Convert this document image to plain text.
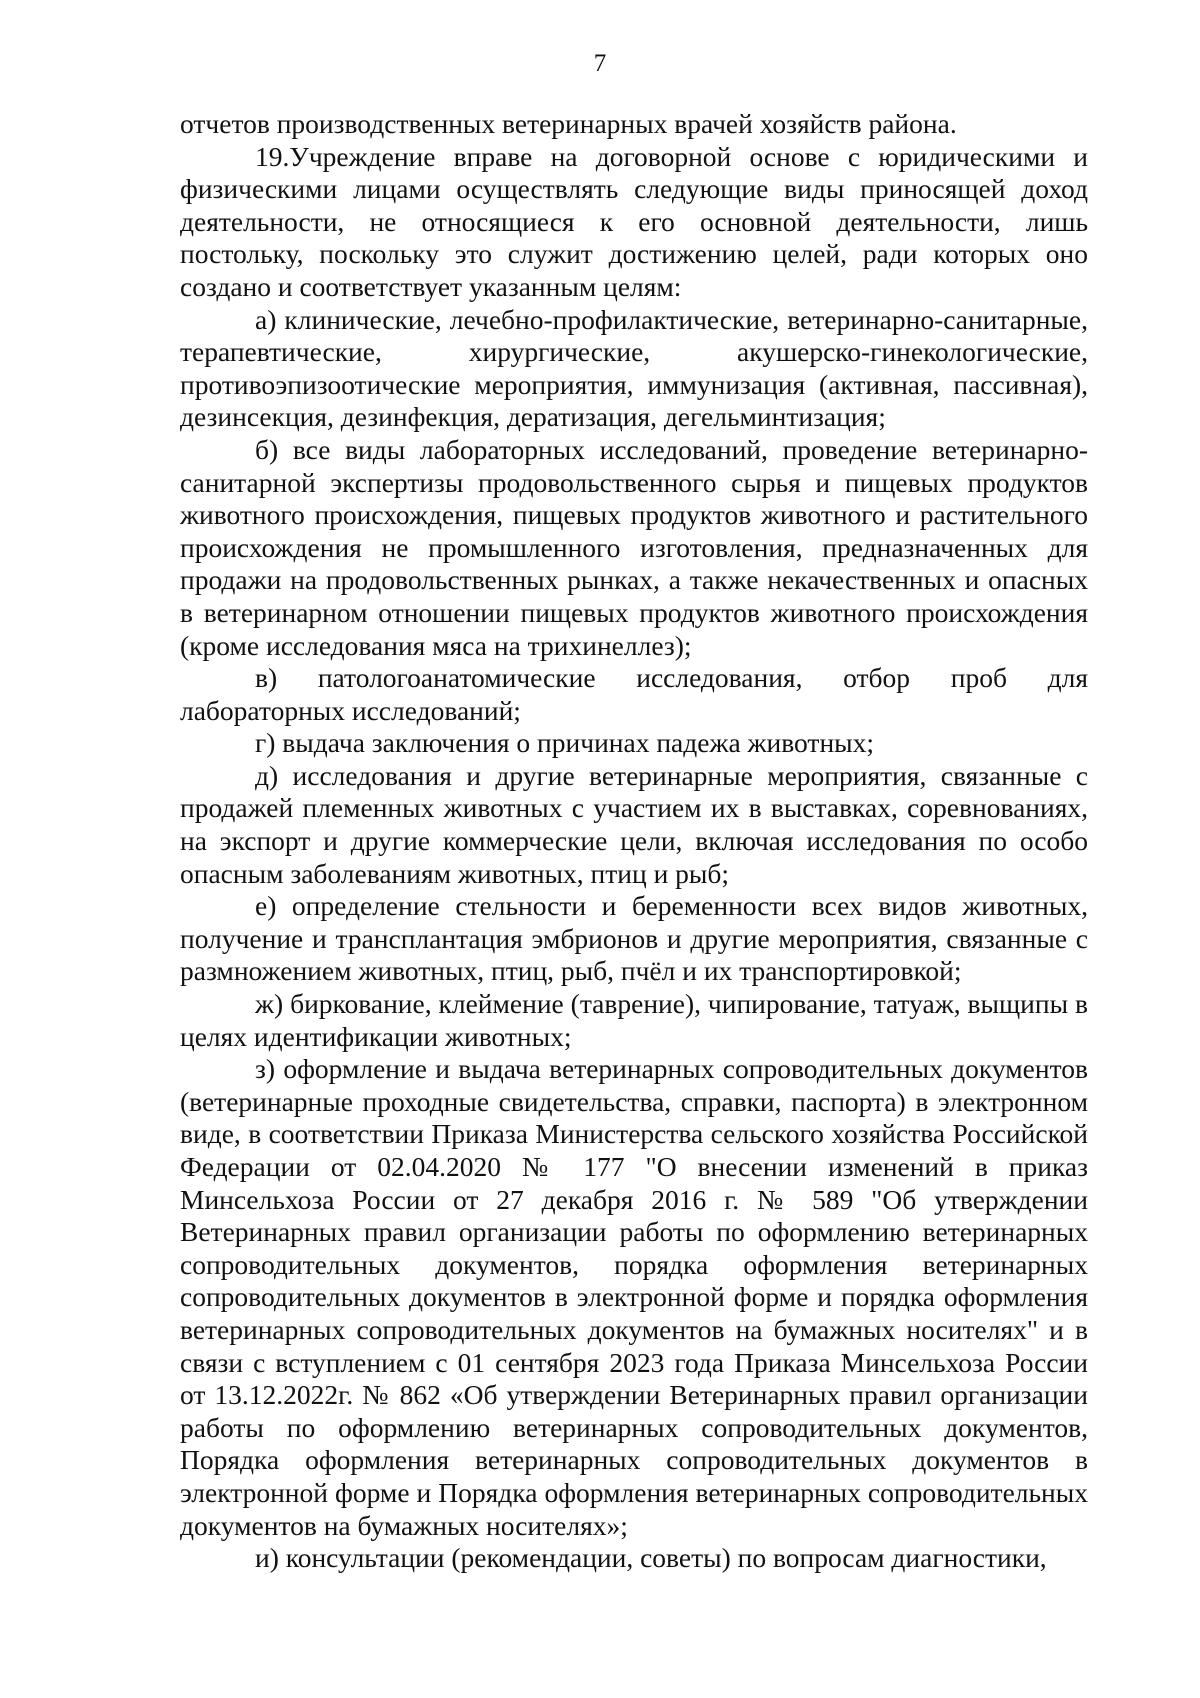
7

отчетов производственных ветеринарных врачей хозяйств района.

19.Учреждение вправе на договорной основе с юридическими и физическими лицами осуществлять следующие виды приносящей доход деятельности, не относящиеся к его основной деятельности, лишь постольку, поскольку это служит достижению целей, ради которых оно создано и соответствует указанным целям:

а) клинические, лечебно-профилактические, ветеринарно-санитарные, терапевтические, хирургические, акушерско-гинекологические, противоэпизоотические мероприятия, иммунизация (активная, пассивная), дезинсекция, дезинфекция, дератизация, дегельминтизация;

б) все виды лабораторных исследований, проведение ветеринарно-санитарной экспертизы продовольственного сырья и пищевых продуктов животного происхождения, пищевых продуктов животного и растительного происхождения не промышленного изготовления, предназначенных для продажи на продовольственных рынках, а также некачественных и опасных в ветеринарном отношении пищевых продуктов животного происхождения (кроме исследования мяса на трихинеллез);

в) патологоанатомические исследования, отбор проб для лабораторных исследований;

г) выдача заключения о причинах падежа животных;

д) исследования и другие ветеринарные мероприятия, связанные с продажей племенных животных с участием их в выставках, соревнованиях, на экспорт и другие коммерческие цели, включая исследования по особо опасным заболеваниям животных, птиц и рыб;

е) определение стельности и беременности всех видов животных, получение и трансплантация эмбрионов и другие мероприятия, связанные с размножением животных, птиц, рыб, пчёл и их транспортировкой;

ж) биркование, клеймение (таврение), чипирование, татуаж, выщипы в целях идентификации животных;

з) оформление и выдача ветеринарных сопроводительных документов (ветеринарные проходные свидетельства, справки, паспорта) в электронном виде, в соответствии Приказа Министерства сельского хозяйства Российской Федерации от 02.04.2020 № 177 "О внесении изменений в приказ Минсельхоза России от 27 декабря 2016 г. № 589 "Об утверждении Ветеринарных правил организации работы по оформлению ветеринарных сопроводительных документов, порядка оформления ветеринарных сопроводительных документов в электронной форме и порядка оформления ветеринарных сопроводительных документов на бумажных носителях" и в связи с вступлением с 01 сентября 2023 года Приказа Минсельхоза России от 13.12.2022г. № 862 «Об утверждении Ветеринарных правил организации работы по оформлению ветеринарных сопроводительных документов, Порядка оформления ветеринарных сопроводительных документов в электронной форме и Порядка оформления ветеринарных сопроводительных документов на бумажных носителях»;

и) консультации (рекомендации, советы) по вопросам диагностики,
